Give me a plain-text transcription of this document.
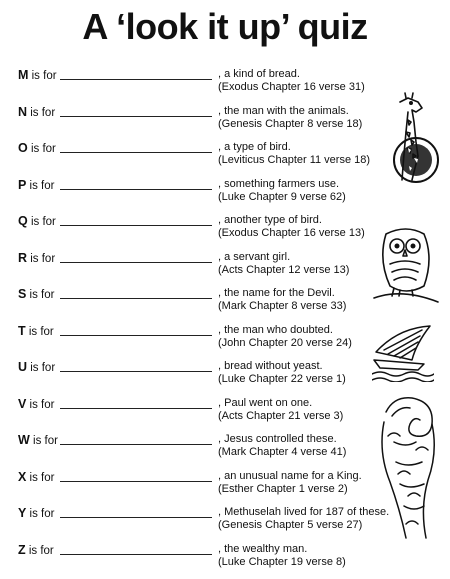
A ‘look it up’ quiz
M is for	, a kind of bread.
(Exodus Chapter 16 verse 31)
N is for	, the man with the animals.
(Genesis Chapter 8 verse 18)
O is for	, a type of bird.
(Leviticus Chapter 11 verse 18)
P is for	, something farmers use.
(Luke Chapter 9 verse 62)
Q is for	, another type of bird.
(Exodus Chapter 16 verse 13)
R is for	, a servant girl.
(Acts Chapter 12 verse 13)
S is for	, the name for the Devil.
(Mark Chapter 8 verse 33)
T is for	, the man who doubted.
(John Chapter 20 verse 24)
U is for	, bread without yeast.
(Luke Chapter 22 verse 1)
V is for	, Paul went on one.
(Acts Chapter 21 verse 3)
W is for	, Jesus controlled these.
(Mark Chapter 4 verse 41)
X is for	, an unusual name for a King.
(Esther Chapter 1 verse 2)
Y is for	, Methuselah lived for 187 of these.
(Genesis Chapter 5 verse 27)
Z is for	, the wealthy man.
(Luke Chapter 19 verse 8)
